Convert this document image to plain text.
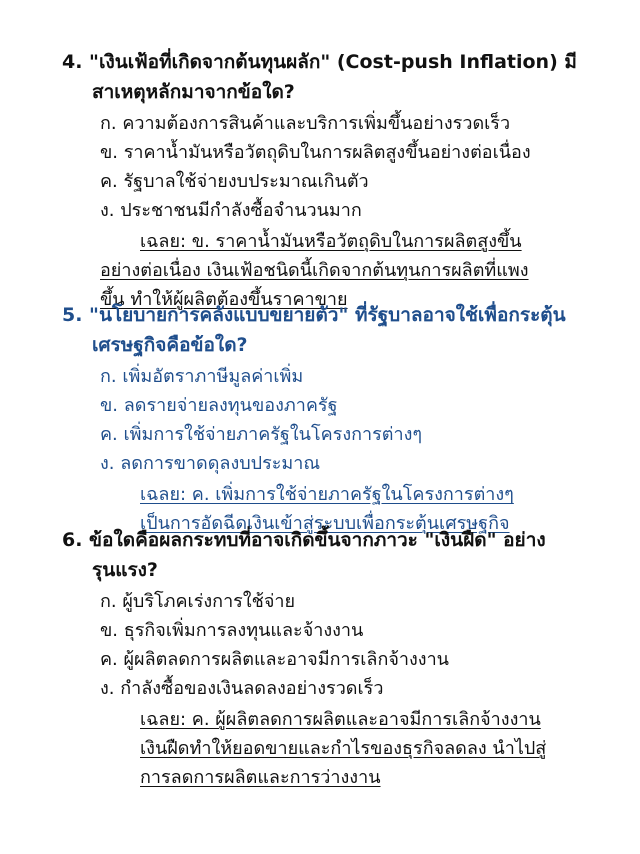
4. "เงินเฟ้อที่เกิดจากต้นทุนผลัก" (Cost-push Inflation) มี
สาเหตุหลักมาจากข้อใด?
ก. ความต้องการสินค้าและบริการเพิ่มขึ้นอย่างรวดเร็ว
ข. ราคาน้ำมันหรือวัตถุดิบในการผลิตสูงขึ้นอย่างต่อเนื่อง
ค. รัฐบาลใช้จ่ายงบประมาณเกินตัว
ง. ประชาชนมีกำลังซื้อจำนวนมาก

เฉลย: ข. ราคาน้ำมันหรือวัตถุดิบในการผลิตสูงขึ้น
อย่างต่อเนื่อง เงินเฟ้อชนิดนี้เกิดจากต้นทุนการผลิตที่แพง
ขึ้น ทำให้ผู้ผลิตต้องขึ้นราคาขาย

5. "นโยบายการคลังแบบขยายตัว" ที่รัฐบาลอาจใช้เพื่อกระตุ้น
เศรษฐกิจคือข้อใด?
ก. เพิ่มอัตราภาษีมูลค่าเพิ่ม
ข. ลดรายจ่ายลงทุนของภาครัฐ
ค. เพิ่มการใช้จ่ายภาครัฐในโครงการต่างๆ
ง. ลดการขาดดุลงบประมาณ

เฉลย: ค. เพิ่มการใช้จ่ายภาครัฐในโครงการต่างๆ
เป็นการอัดฉีดเงินเข้าสู่ระบบเพื่อกระตุ้นเศรษฐกิจ

6. ข้อใดคือผลกระทบที่อาจเกิดขึ้นจากภาวะ "เงินฝืด" อย่าง
รุนแรง?
ก. ผู้บริโภคเร่งการใช้จ่าย
ข. ธุรกิจเพิ่มการลงทุนและจ้างงาน
ค. ผู้ผลิตลดการผลิตและอาจมีการเลิกจ้างงาน
ง. กำลังซื้อของเงินลดลงอย่างรวดเร็ว

เฉลย: ค. ผู้ผลิตลดการผลิตและอาจมีการเลิกจ้างงาน
เงินฝืดทำให้ยอดขายและกำไรของธุรกิจลดลง นำไปสู่
การลดการผลิตและการว่างงาน
